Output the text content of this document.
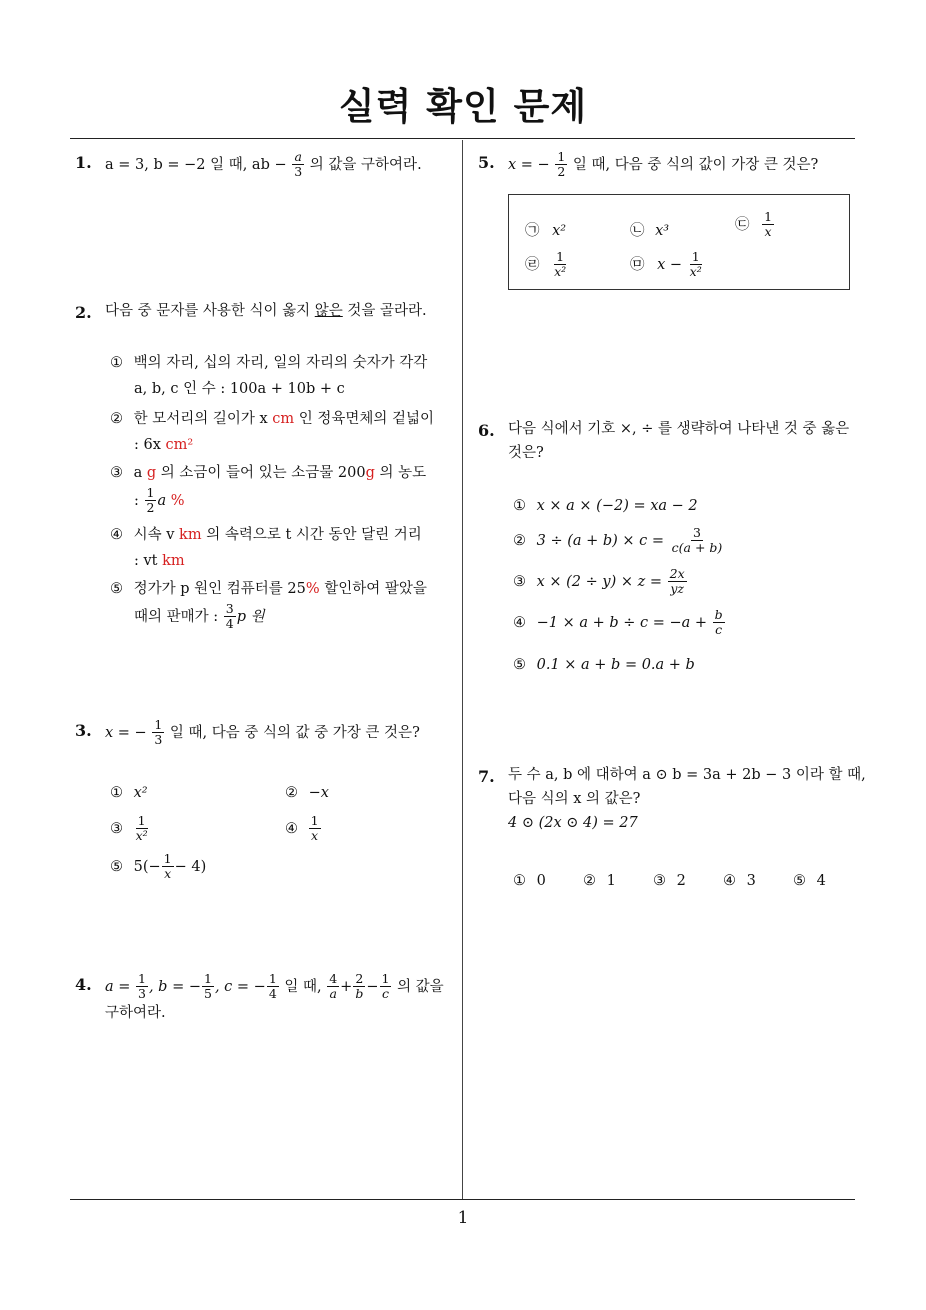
실력 확인 문제
1
1. a = 3, b = −2 일 때, ab − $\frac{a}{3}$ 의 값을 구하여라.
2. 다음 중 문자를 사용한 식이 옳지 않은 것을 골라라.
① 백의 자리, 십의 자리, 일의 자리의 숫자가 각각
a, b, c 인 수 : 100a + 10b + c
② 한 모서리의 길이가 x cm 인 정육면체의 겉넓이
: 6x cm²
③ a g 의 소금이 들어 있는 소금물 200g 의 농도
: $\frac{1}{2}$ a %
④ 시속 v km 의 속력으로 t 시간 동안 달린 거리
: vt km
⑤ 정가가 p 원인 컴퓨터를 25% 할인하여 팔았을
때의 판매가 : $\frac{3}{4}$ p 원
3. x = − $\frac{1}{3}$ 일 때, 다음 중 식의 값 중 가장 큰 것은?
① x²	② −x
③ $\frac{1}{\text{x²}}$	④ $\frac{1}{x}$
⑤ $5(- \frac{1}{x} - 4)$
4. $a = \frac{1}{3}$ , b = − $\frac{1}{5}$ , c = − $\frac{1}{4}$ 일 때, $\frac{4}{a} + \frac{2}{b} - \frac{1}{c}$ 의 값을
구하여라.
5. x = − $\frac{1}{2}$ 일 때, 다음 중 식의 값이 가장 큰 것은?
㉠ x²	㉡ x³	㉢ $\frac{1}{x}$
㉣ $\frac{1}{\text{x²}}$	㉤ $x - \frac{1}{\text{x²}}$
6. 다음 식에서 기호 ×, ÷ 를 생략하여 나타낸 것 중 옳은
것은?
① x × a × (−2) = xa − 2
② $3 \div (a + b) \times c = \frac{3}{c(a + b)}$
③ $x \times (2 \div y) \times z = \frac{2x}{yz}$
④ $-1 \times a + b \div c = -a + \frac{b}{c}$
⑤ 0.1 × a + b = 0.a + b
7. 두 수 a, b 에 대하여 a ⊙ b = 3a + 2b − 3 이라 할 때,
다음 식의 x 의 값은?
4 ⊙ (2x ⊙ 4) = 27
① 0	② 1	③ 2	④ 3	⑤ 4
